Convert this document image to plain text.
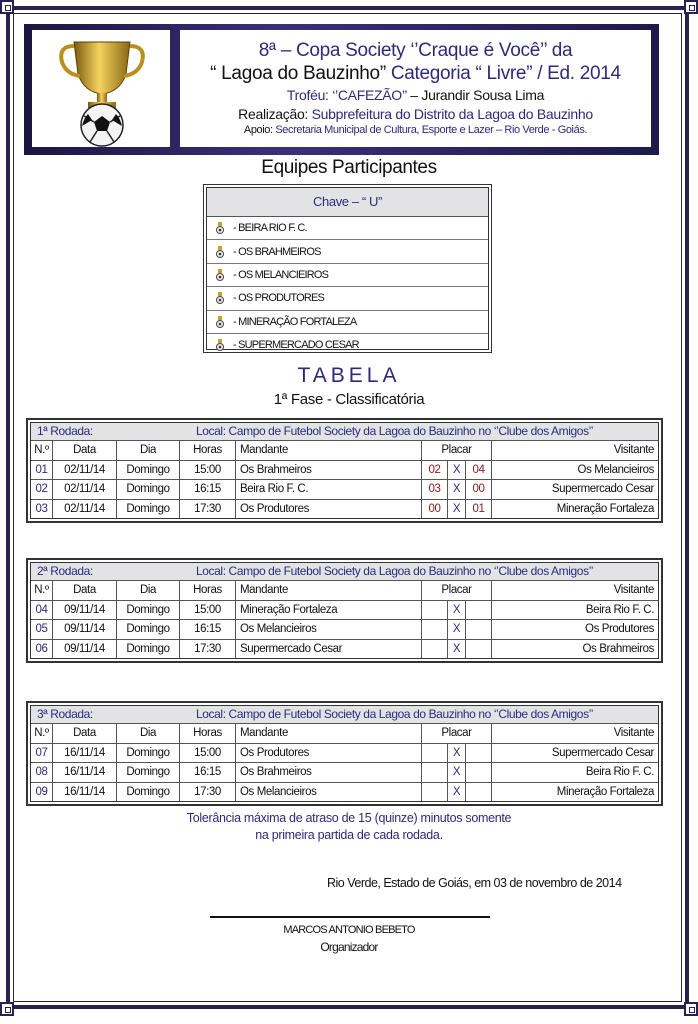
8ª – Copa Society ‘’Craque é Você’’ da
“ Lagoa do Bauzinho” Categoria “ Livre” / Ed. 2014
Troféu: ‘’CAFEZÃO’’ – Jurandir Sousa Lima
Realização: Subprefeitura do Distrito da Lagoa do Bauzinho
Apoio: Secretaria Municipal de Cultura, Esporte e Lazer – Rio Verde - Goiás.
Equipes Participantes
Chave – “ U”
- BEIRA RIO F. C.
- OS BRAHMEIROS
- OS MELANCIEIROS
- OS PRODUTORES
- MINERAÇÃO FORTALEZA
- SUPERMERCADO CESAR
TABELA
1ª Fase - Classificatória
1ª Rodada:	Local: Campo de Futebol Society da Lagoa do Bauzinho no ‘’Clube dos Amigos’’
N.º	Data	Dia	Horas	Mandante	Placar	Visitante
01	02/11/14	Domingo	15:00	Os Brahmeiros	02	X	04	Os Melancieiros
02	02/11/14	Domingo	16:15	Beira Rio F. C.	03	X	00	Supermercado Cesar
03	02/11/14	Domingo	17:30	Os Produtores	00	X	01	Mineração Fortaleza
2ª Rodada:	Local: Campo de Futebol Society da Lagoa do Bauzinho no ‘’Clube dos Amigos’’
N.º	Data	Dia	Horas	Mandante	Placar	Visitante
04	09/11/14	Domingo	15:00	Mineração Fortaleza	X	Beira Rio F. C.
05	09/11/14	Domingo	16:15	Os Melancieiros	X	Os Produtores
06	09/11/14	Domingo	17:30	Supermercado Cesar	X	Os Brahmeiros
3ª Rodada:	Local: Campo de Futebol Society da Lagoa do Bauzinho no ‘’Clube dos Amigos’’
N.º	Data	Dia	Horas	Mandante	Placar	Visitante
07	16/11/14	Domingo	15:00	Os Produtores	X	Supermercado Cesar
08	16/11/14	Domingo	16:15	Os Brahmeiros	X	Beira Rio F. C.
09	16/11/14	Domingo	17:30	Os Melancieiros	X	Mineração Fortaleza
Tolerância máxima de atraso de 15 (quinze) minutos somente
na primeira partida de cada rodada.
Rio Verde, Estado de Goiás, em 03 de novembro de 2014
MARCOS ANTONIO BEBETO
Organizador
